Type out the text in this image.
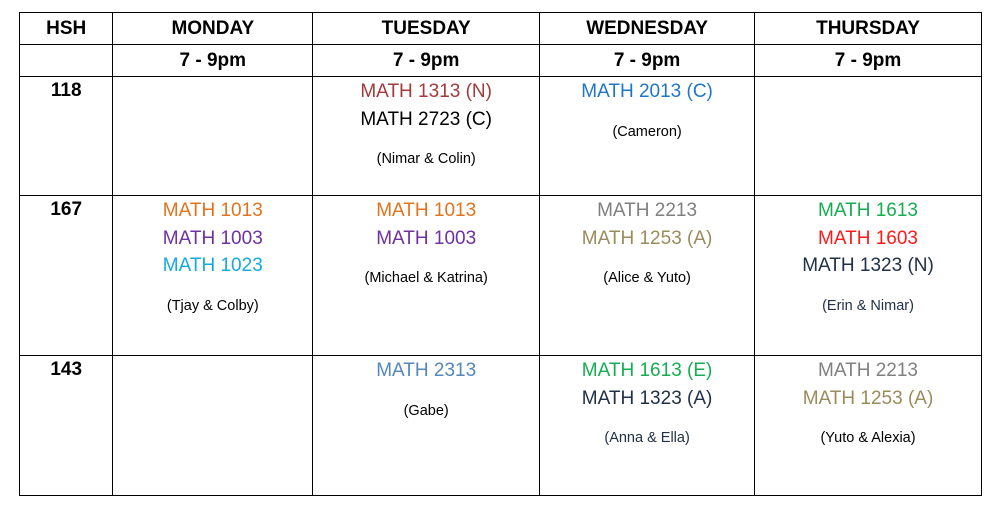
HSH	MONDAY	TUESDAY	WEDNESDAY	THURSDAY
	7 - 9pm	7 - 9pm	7 - 9pm	7 - 9pm
118		MATH 1313 (N)
MATH 2723 (C)
(Nimar & Colin)	MATH 2013 (C)
(Cameron)	

167	MATH 1013
MATH 1003
MATH 1023
(Tjay & Colby)	MATH 1013
MATH 1003
(Michael & Katrina)	MATH 2213
MATH 1253 (A)
(Alice & Yuto)	MATH 1613
MATH 1603
MATH 1323 (N)
(Erin & Nimar)

143		MATH 2313
(Gabe)	MATH 1613 (E)
MATH 1323 (A)
(Anna & Ella)	MATH 2213
MATH 1253 (A)
(Yuto & Alexia)
